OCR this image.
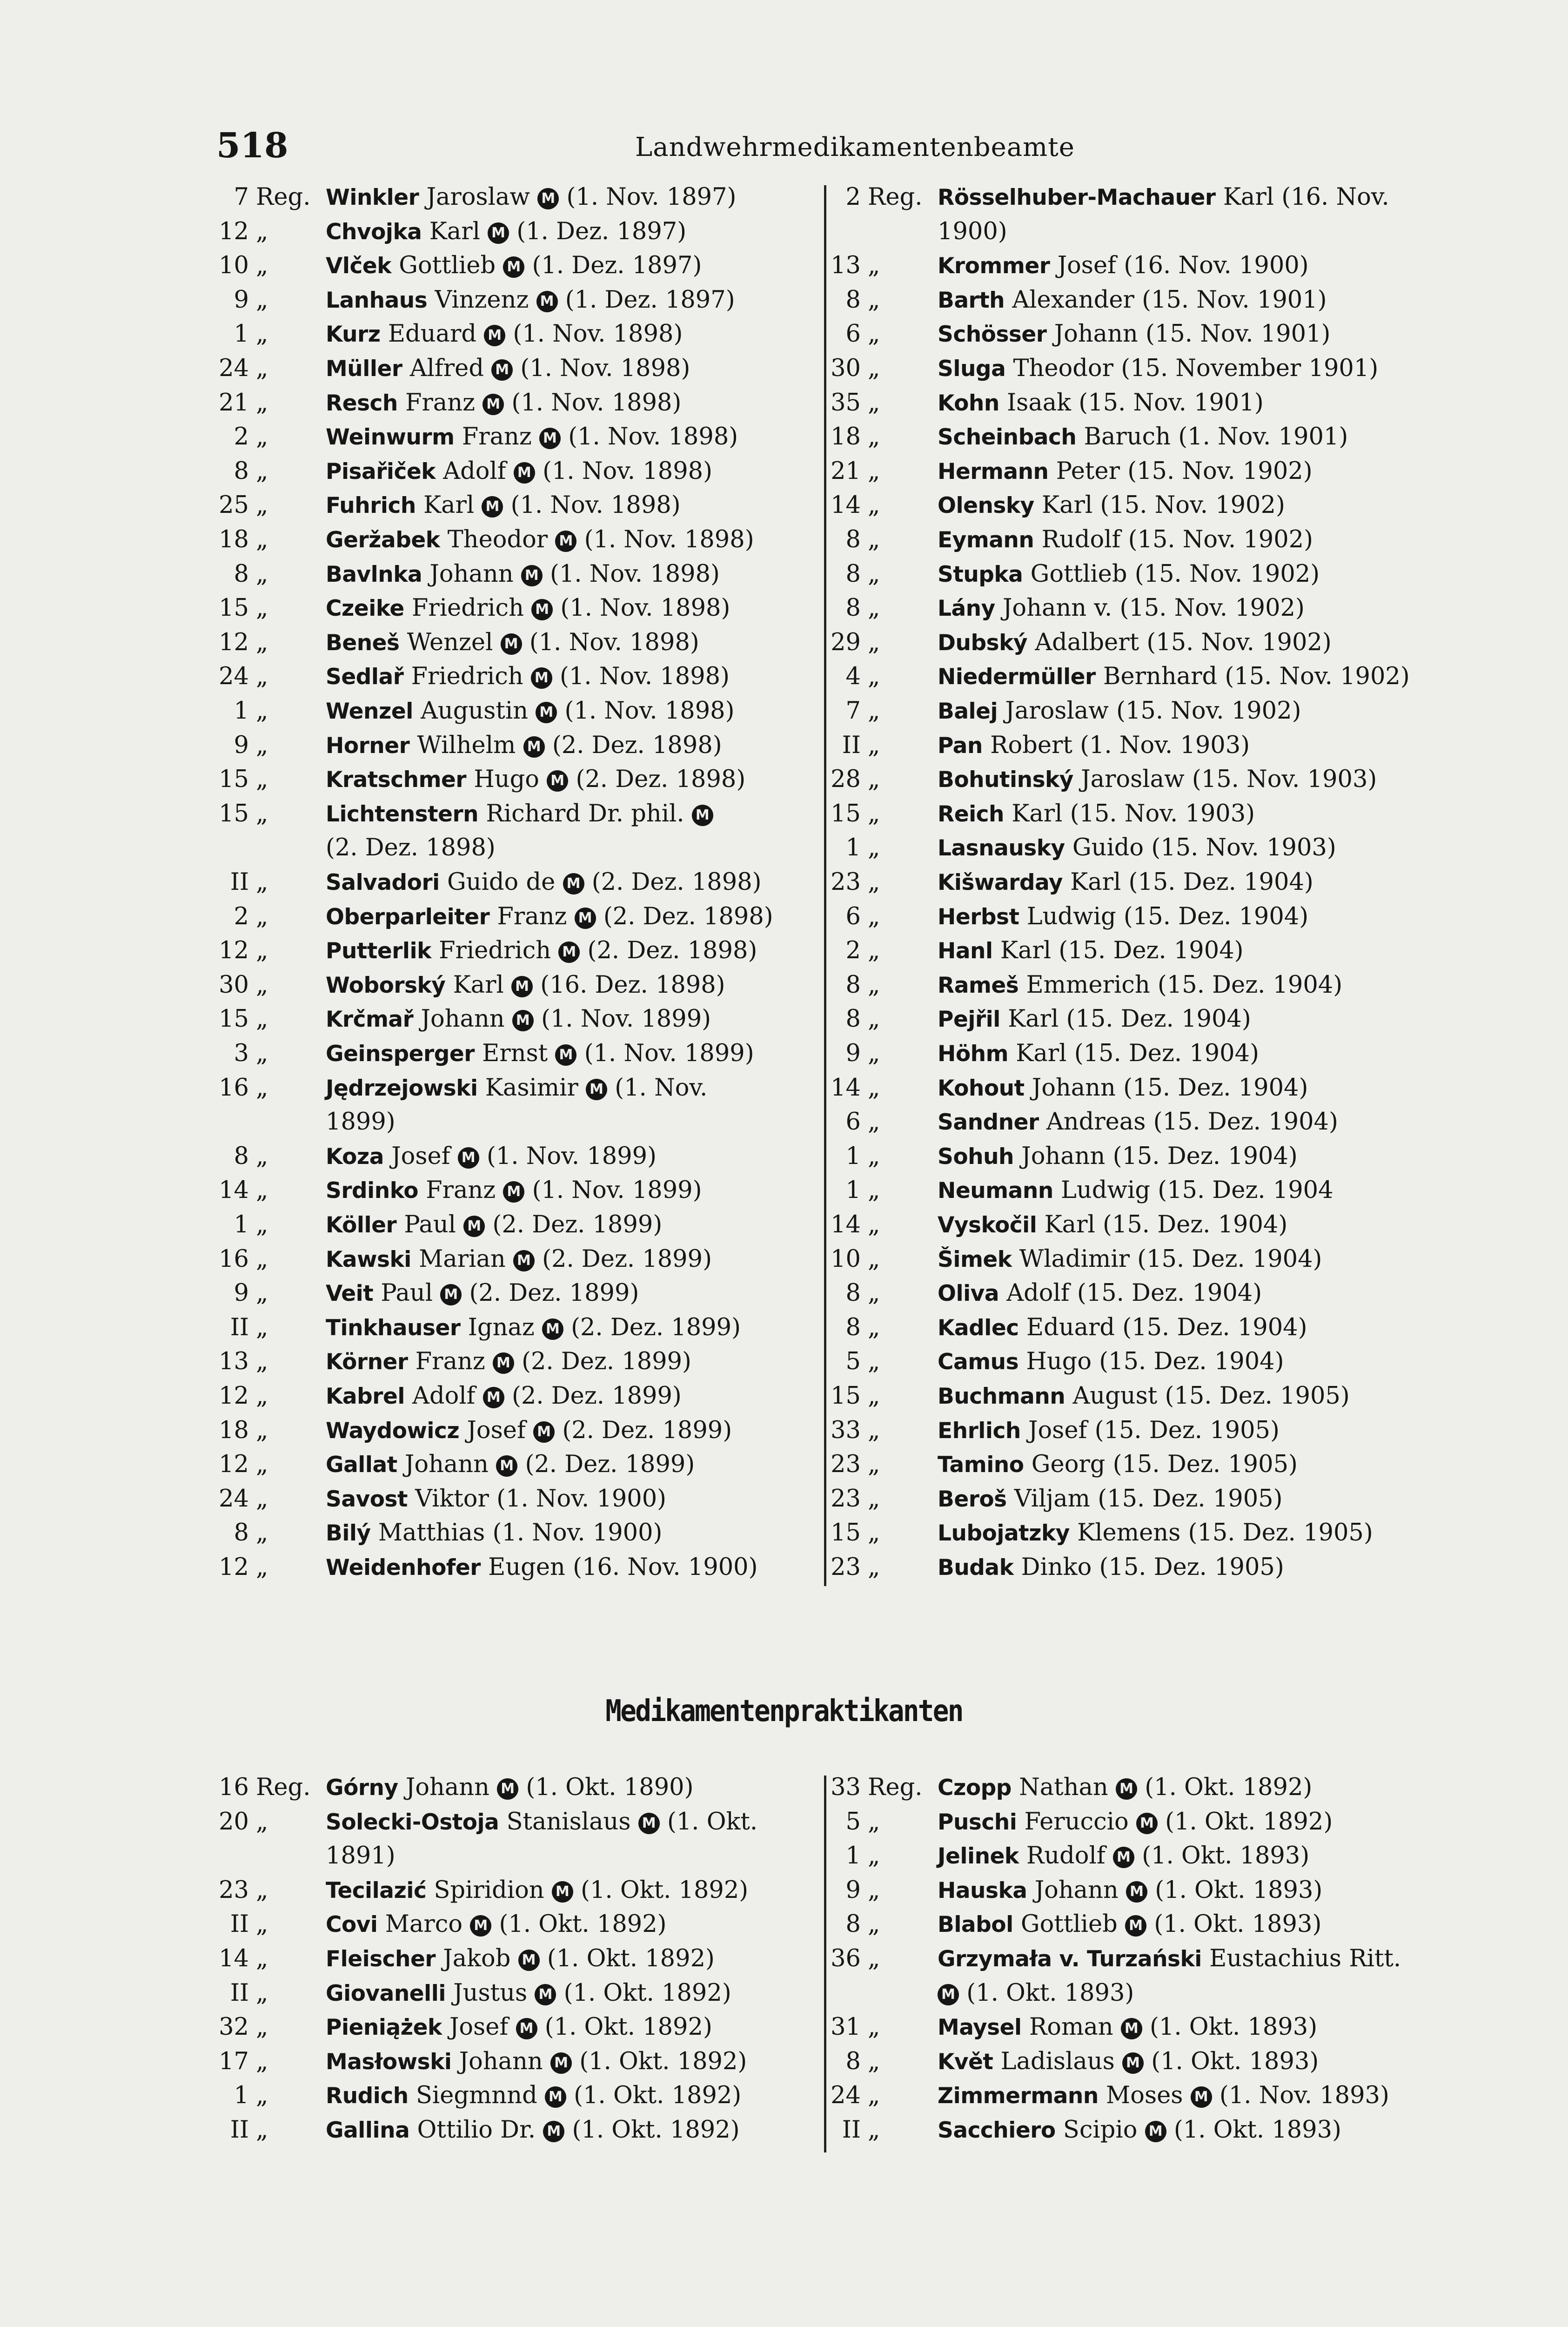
518	Landwehrmedikamentenbeamte
7 Reg. Winkler Jaroslaw M (1. Nov. 1897)
12 „	Chvojka Karl M (1. Dez. 1897)
10 „	Vlček Gottlieb M (1. Dez. 1897)
9 „	Lanhaus Vinzenz M (1. Dez. 1897)
1 „	Kurz Eduard M (1. Nov. 1898)
24 „	Müller Alfred M (1. Nov. 1898)
21 „	Resch Franz M (1. Nov. 1898)
2 „	Weinwurm Franz M (1. Nov. 1898)
8 „	Pisařiček Adolf M (1. Nov. 1898)
25 „	Fuhrich Karl M (1. Nov. 1898)
18 „	Geržabek Theodor M (1. Nov. 1898)
8 „	Bavlnka Johann M (1. Nov. 1898)
15 „	Czeike Friedrich M (1. Nov. 1898)
12 „	Beneš Wenzel M (1. Nov. 1898)
24 „	Sedlař Friedrich M (1. Nov. 1898)
1 „	Wenzel Augustin M (1. Nov. 1898)
9 „	Horner Wilhelm M (2. Dez. 1898)
15 „	Kratschmer Hugo M (2. Dez. 1898)
15 „	Lichtenstern Richard Dr. phil. M
(2. Dez. 1898)
II „	Salvadori Guido de M (2. Dez. 1898)
2 „	Oberparleiter Franz M (2. Dez. 1898)
12 „	Putterlik Friedrich M (2. Dez. 1898)
30 „	Woborský Karl M (16. Dez. 1898)
15 „	Krčmař Johann M (1. Nov. 1899)
3 „	Geinsperger Ernst M (1. Nov. 1899)
16 „	Jędrzejowski Kasimir M (1. Nov.
1899)
8 „	Koza Josef M (1. Nov. 1899)
14 „	Srdinko Franz M (1. Nov. 1899)
1 „	Köller Paul M (2. Dez. 1899)
16 „	Kawski Marian M (2. Dez. 1899)
9 „	Veit Paul M (2. Dez. 1899)
II „	Tinkhauser Ignaz M (2. Dez. 1899)
13 „	Körner Franz M (2. Dez. 1899)
12 „	Kabrel Adolf M (2. Dez. 1899)
18 „	Waydowicz Josef M (2. Dez. 1899)
12 „	Gallat Johann M (2. Dez. 1899)
24 „	Savost Viktor (1. Nov. 1900)
8 „	Bilý Matthias (1. Nov. 1900)
12 „	Weidenhofer Eugen (16. Nov. 1900)
2 Reg. Rösselhuber-Machauer Karl (16. Nov.
1900)
13 „	Krommer Josef (16. Nov. 1900)
8 „	Barth Alexander (15. Nov. 1901)
6 „	Schösser Johann (15. Nov. 1901)
30 „	Sluga Theodor (15. November 1901)
35 „	Kohn Isaak (15. Nov. 1901)
18 „	Scheinbach Baruch (1. Nov. 1901)
21 „	Hermann Peter (15. Nov. 1902)
14 „	Olensky Karl (15. Nov. 1902)
8 „	Eymann Rudolf (15. Nov. 1902)
8 „	Stupka Gottlieb (15. Nov. 1902)
8 „	Lány Johann v. (15. Nov. 1902)
29 „	Dubský Adalbert (15. Nov. 1902)
4 „	Niedermüller Bernhard (15. Nov. 1902)
7 „	Balej Jaroslaw (15. Nov. 1902)
II „	Pan Robert (1. Nov. 1903)
28 „	Bohutinský Jaroslaw (15. Nov. 1903)
15 „	Reich Karl (15. Nov. 1903)
1 „	Lasnausky Guido (15. Nov. 1903)
23 „	Kišwarday Karl (15. Dez. 1904)
6 „	Herbst Ludwig (15. Dez. 1904)
2 „	Hanl Karl (15. Dez. 1904)
8 „	Rameš Emmerich (15. Dez. 1904)
8 „	Pejřil Karl (15. Dez. 1904)
9 „	Höhm Karl (15. Dez. 1904)
14 „	Kohout Johann (15. Dez. 1904)
6 „	Sandner Andreas (15. Dez. 1904)
1 „	Sohuh Johann (15. Dez. 1904)
1 „	Neumann Ludwig (15. Dez. 1904
14 „	Vyskočil Karl (15. Dez. 1904)
10 „	Šimek Wladimir (15. Dez. 1904)
8 „	Oliva Adolf (15. Dez. 1904)
8 „	Kadlec Eduard (15. Dez. 1904)
5 „	Camus Hugo (15. Dez. 1904)
15 „	Buchmann August (15. Dez. 1905)
33 „	Ehrlich Josef (15. Dez. 1905)
23 „	Tamino Georg (15. Dez. 1905)
23 „	Beroš Viljam (15. Dez. 1905)
15 „	Lubojatzky Klemens (15. Dez. 1905)
23 „	Budak Dinko (15. Dez. 1905)
Medikamentenpraktikanten
16 Reg. Górny Johann M (1. Okt. 1890)
20 „	Solecki-Ostoja Stanislaus M (1. Okt.
1891)
23 „	Tecilazić Spiridion M (1. Okt. 1892)
II „	Covi Marco M (1. Okt. 1892)
14 „	Fleischer Jakob M (1. Okt. 1892)
II „	Giovanelli Justus M (1. Okt. 1892)
32 „	Pieniążek Josef M (1. Okt. 1892)
17 „	Masłowski Johann M (1. Okt. 1892)
1 „	Rudich Siegmnnd M (1. Okt. 1892)
II „	Gallina Ottilio Dr. M (1. Okt. 1892)
33 Reg. Czopp Nathan M (1. Okt. 1892)
5 „	Puschi Feruccio M (1. Okt. 1892)
1 „	Jelinek Rudolf M (1. Okt. 1893)
9 „	Hauska Johann M (1. Okt. 1893)
8 „	Blabol Gottlieb M (1. Okt. 1893)
36 „	Grzymała v. Turzański Eustachius Ritt.
M (1. Okt. 1893)
31 „	Maysel Roman M (1. Okt. 1893)
8 „	Květ Ladislaus M (1. Okt. 1893)
24 „	Zimmermann Moses M (1. Nov. 1893)
II „	Sacchiero Scipio M (1. Okt. 1893)
